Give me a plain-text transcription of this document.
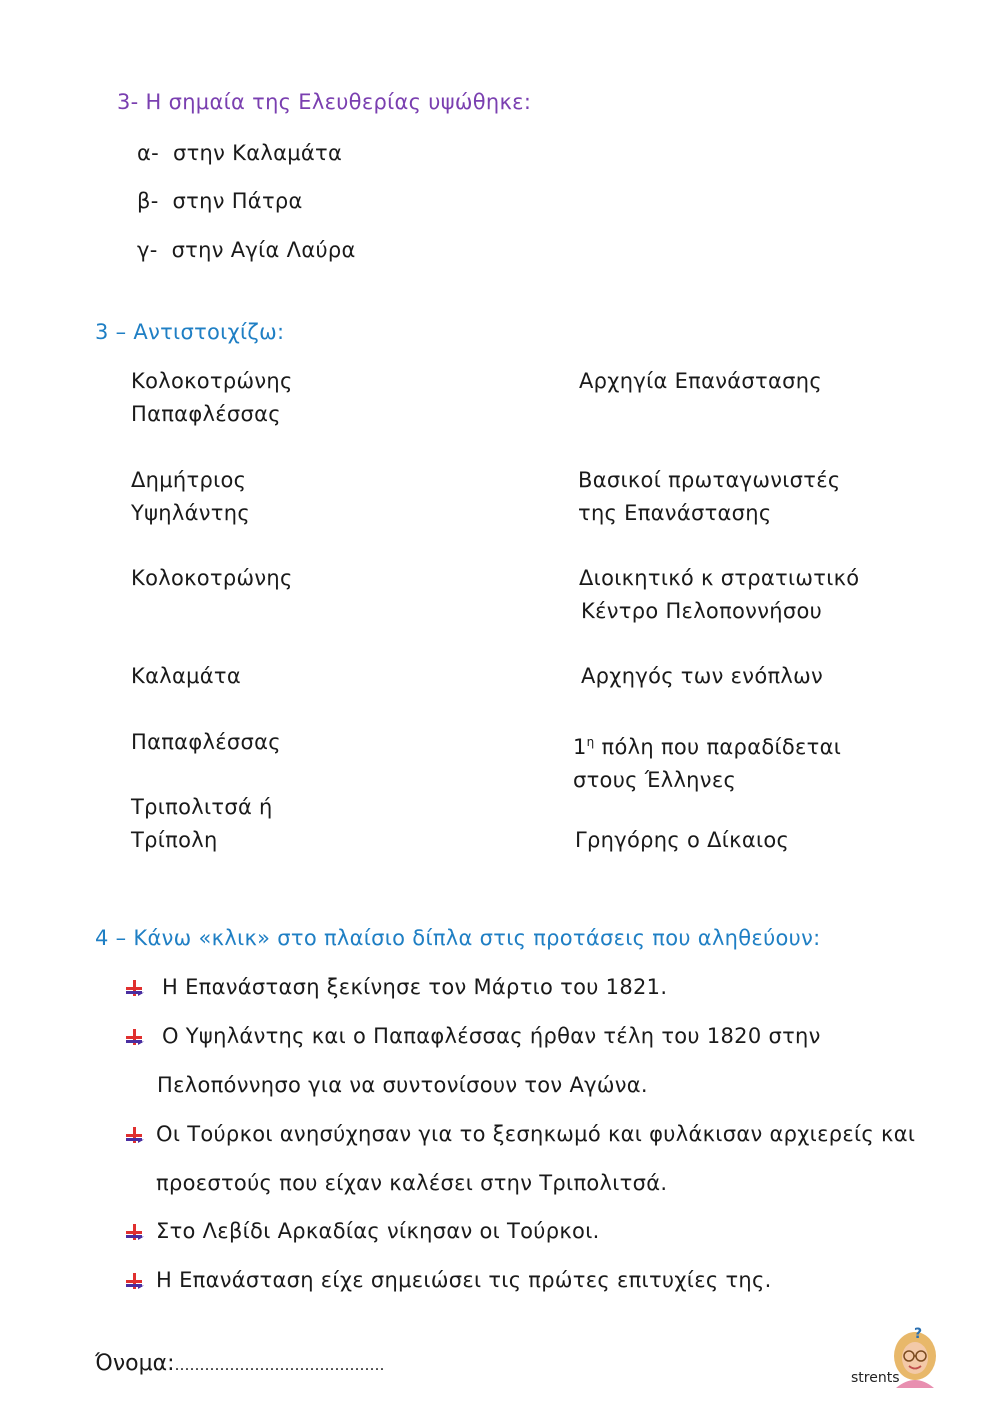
3- Η σημαία της Ελευθερίας υψώθηκε:
α- στην Καλαμάτα
β- στην Πάτρα
γ- στην Αγία Λαύρα
3 – Αντιστοιχίζω:
Κολοκοτρώνης
Παπαφλέσσας
Δημήτριος
Υψηλάντης
Κολοκοτρώνης
Καλαμάτα
Παπαφλέσσας
Τριπολιτσά ή
Τρίπολη
Αρχηγία Επανάστασης
Βασικοί πρωταγωνιστές
της Επανάστασης
Διοικητικό κ στρατιωτικό
Κέντρο Πελοποννήσου
Αρχηγός των ενόπλων
$1^\eta$ πόλη που παραδίδεται
στους Έλληνες
Γρηγόρης ο Δίκαιος
4 – Κάνω «κλικ» στο πλαίσιο δίπλα στις προτάσεις που αληθεύουν:
Η Επανάσταση ξεκίνησε τον Μάρτιο του 1821.
Ο Υψηλάντης και ο Παπαφλέσσας ήρθαν τέλη του 1820 στην
Πελοπόννησο για να συντονίσουν τον Αγώνα.
Οι Τούρκοι ανησύχησαν για το ξεσηκωμό και φυλάκισαν αρχιερείς και
προεστούς που είχαν καλέσει στην Τριπολιτσά.
Στο Λεβίδι Αρκαδίας νίκησαν οι Τούρκοι.
Η Επανάσταση είχε σημειώσει τις πρώτες επιτυχίες της.
Όνομα:……………………………………
strents
?
